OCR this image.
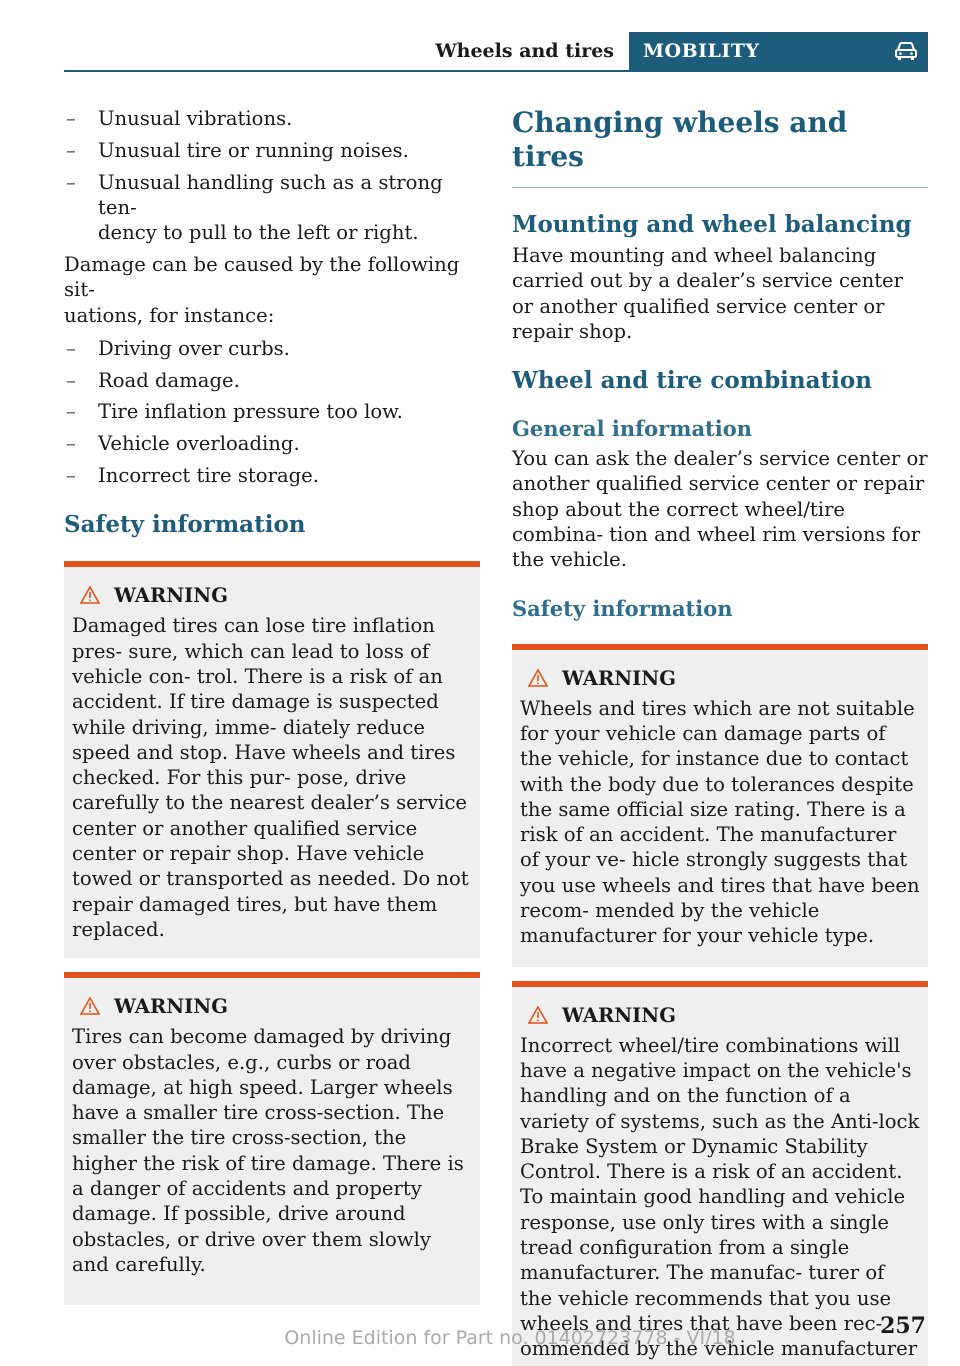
Wheels and tires	MOBILITY
– Unusual vibrations.
– Unusual tire or running noises.
– Unusual handling such as a strong ten‐
dency to pull to the left or right.

Damage can be caused by the following sit‐
uations, for instance:

– Driving over curbs.
– Road damage.
– Tire inflation pressure too low.
– Vehicle overloading.
– Incorrect tire storage.
Safety information
WARNING

Damaged tires can lose tire inflation pres‐ sure, which can lead to loss of vehicle con‐ trol. There is a risk of an accident. If tire damage is suspected while driving, imme‐ diately reduce speed and stop. Have wheels and tires checked. For this pur‐ pose, drive carefully to the nearest dealer’s service center or another qualified service center or repair shop. Have vehicle towed or transported as needed. Do not repair damaged tires, but have them replaced.

WARNING

Tires can become damaged by driving over obstacles, e.g., curbs or road damage, at high speed. Larger wheels have a smaller tire cross-section. The smaller the tire cross-section, the higher the risk of tire damage. There is a danger of accidents and property damage. If possible, drive around obstacles, or drive over them slowly and carefully.

Changing wheels and tires
Mounting and wheel balancing

Have mounting and wheel balancing carried out by a dealer’s service center or another qualified service center or repair shop.

Wheel and tire combination
General information

You can ask the dealer’s service center or another qualified service center or repair shop about the correct wheel/tire combina‐ tion and wheel rim versions for the vehicle.

Safety information
WARNING

Wheels and tires which are not suitable for your vehicle can damage parts of the vehicle, for instance due to contact with the body due to tolerances despite the same official size rating. There is a risk of an accident. The manufacturer of your ve‐ hicle strongly suggests that you use wheels and tires that have been recom‐ mended by the vehicle manufacturer for your vehicle type.

WARNING

Incorrect wheel/tire combinations will have a negative impact on the vehicle's handling and on the function of a variety of systems, such as the Anti-lock Brake System or Dynamic Stability Control. There is a risk of an accident. To maintain good handling and vehicle response, use only tires with a single tread configuration from a single manufacturer. The manufac‐ turer of the vehicle recommends that you use wheels and tires that have been rec‐ ommended by the vehicle manufacturer

257
Online Edition for Part no. 01402723778 - VI/18
